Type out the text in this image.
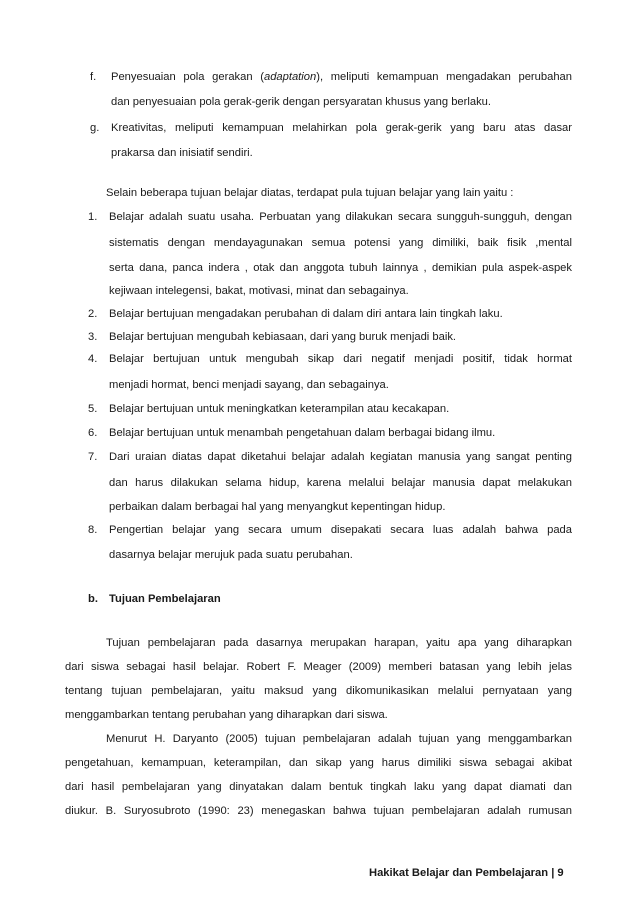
f. Penyesuaian pola gerakan (adaptation), meliputi kemampuan mengadakan perubahan
dan penyesuaian pola gerak-gerik dengan persyaratan khusus yang berlaku.
g. Kreativitas, meliputi kemampuan melahirkan pola gerak-gerik yang baru atas dasar
prakarsa dan inisiatif sendiri.
Selain beberapa tujuan belajar diatas, terdapat pula tujuan belajar yang lain yaitu :
1. Belajar adalah suatu usaha. Perbuatan yang dilakukan secara sungguh-sungguh, dengan
sistematis dengan mendayagunakan semua potensi yang dimiliki, baik fisik ,mental
serta dana, panca indera , otak dan anggota tubuh lainnya , demikian pula aspek-aspek
kejiwaan intelegensi, bakat, motivasi, minat dan sebagainya.
2. Belajar bertujuan mengadakan perubahan di dalam diri antara lain tingkah laku.
3. Belajar bertujuan mengubah kebiasaan, dari yang buruk menjadi baik.
4. Belajar bertujuan untuk mengubah sikap dari negatif menjadi positif, tidak hormat
menjadi hormat, benci menjadi sayang, dan sebagainya.
5. Belajar bertujuan untuk meningkatkan keterampilan atau kecakapan.
6. Belajar bertujuan untuk menambah pengetahuan dalam berbagai bidang ilmu.
7. Dari uraian diatas dapat diketahui belajar adalah kegiatan manusia yang sangat penting
dan harus dilakukan selama hidup, karena melalui belajar manusia dapat melakukan
perbaikan dalam berbagai hal yang menyangkut kepentingan hidup.
8. Pengertian belajar yang secara umum disepakati secara luas adalah bahwa pada
dasarnya belajar merujuk pada suatu perubahan.
b. Tujuan Pembelajaran
Tujuan pembelajaran pada dasarnya merupakan harapan, yaitu apa yang diharapkan
dari siswa sebagai hasil belajar. Robert F. Meager (2009) memberi batasan yang lebih jelas
tentang tujuan pembelajaran, yaitu maksud yang dikomunikasikan melalui pernyataan yang
menggambarkan tentang perubahan yang diharapkan dari siswa.
Menurut H. Daryanto (2005) tujuan pembelajaran adalah tujuan yang menggambarkan
pengetahuan, kemampuan, keterampilan, dan sikap yang harus dimiliki siswa sebagai akibat
dari hasil pembelajaran yang dinyatakan dalam bentuk tingkah laku yang dapat diamati dan
diukur. B. Suryosubroto (1990: 23) menegaskan bahwa tujuan pembelajaran adalah rumusan
Hakikat Belajar dan Pembelajaran | 9
